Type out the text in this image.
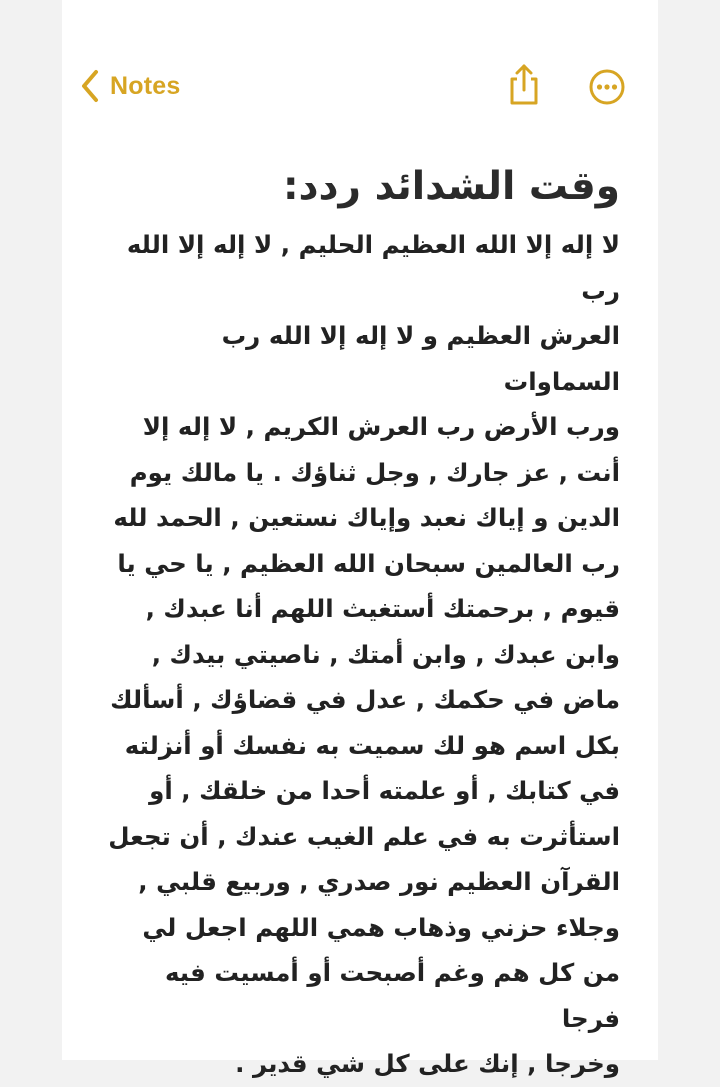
Notes
وقت الشدائد ردد:
لا إله إلا الله العظيم الحليم , لا إله إلا الله رب
العرش العظيم و لا إله إلا الله رب السماوات
ورب الأرض رب العرش الكريم , لا إله إلا
أنت , عز جارك , وجل ثناؤك . يا مالك يوم
الدين و إياك نعبد وإياك نستعين , الحمد لله
رب العالمين سبحان الله العظيم , يا حي يا
قيوم , برحمتك أستغيث اللهم أنا عبدك ,
وابن عبدك , وابن أمتك , ناصيتي بيدك ,
ماض في حكمك , عدل في قضاؤك , أسألك
بكل اسم هو لك سميت به نفسك أو أنزلته
في كتابك , أو علمته أحدا من خلقك , أو
استأثرت به في علم الغيب عندك , أن تجعل
القرآن العظيم نور صدري , وربيع قلبي ,
وجلاء حزني وذهاب همي اللهم اجعل لي
من كل هم وغم أصبحت أو أمسيت فيه فرجا
وخرجا , إنك على كل شي قدير .
